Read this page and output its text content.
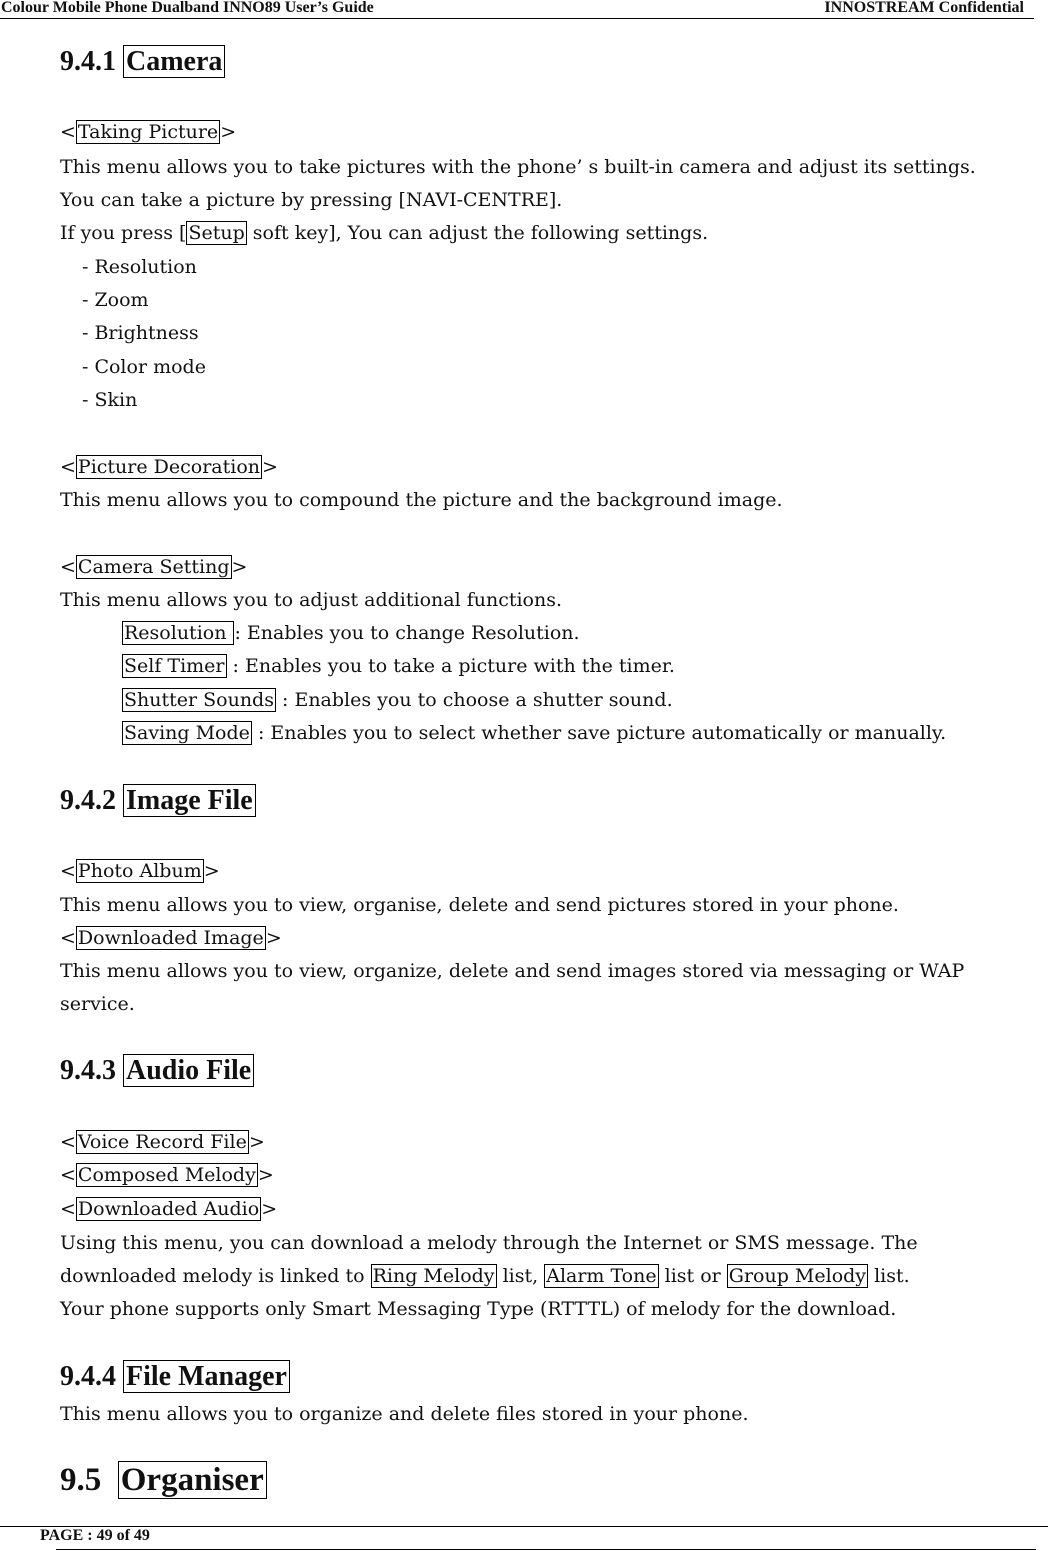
Colour Mobile Phone Dualband INNO89 User’s Guide	INNOSTREAM Confidential
9.4.1 Camera
< Taking Picture >
This menu allows you to take pictures with the phone’ s built-in camera and adjust its settings.
You can take a picture by pressing [NAVI-CENTRE].
If you press [ Setup soft key], You can adjust the following settings.
- Resolution
- Zoom
- Brightness
- Color mode
- Skin
< Picture Decoration >
This menu allows you to compound the picture and the background image.
< Camera Setting >
This menu allows you to adjust additional functions.
Resolution : Enables you to change Resolution.
Self Timer : Enables you to take a picture with the timer.
Shutter Sounds : Enables you to choose a shutter sound.
Saving Mode : Enables you to select whether save picture automatically or manually.
9.4.2 Image File
< Photo Album >
This menu allows you to view, organise, delete and send pictures stored in your phone.
< Downloaded Image >
This menu allows you to view, organize, delete and send images stored via messaging or WAP
service.
9.4.3 Audio File
< Voice Record File >
< Composed Melody >
< Downloaded Audio >
Using this menu, you can download a melody through the Internet or SMS message. The
downloaded melody is linked to Ring Melody list, Alarm Tone list or Group Melody list.
Your phone supports only Smart Messaging Type (RTTTL) of melody for the download.
9.4.4 File Manager
This menu allows you to organize and delete files stored in your phone.
9.5 Organiser
PAGE : 49 of 49
